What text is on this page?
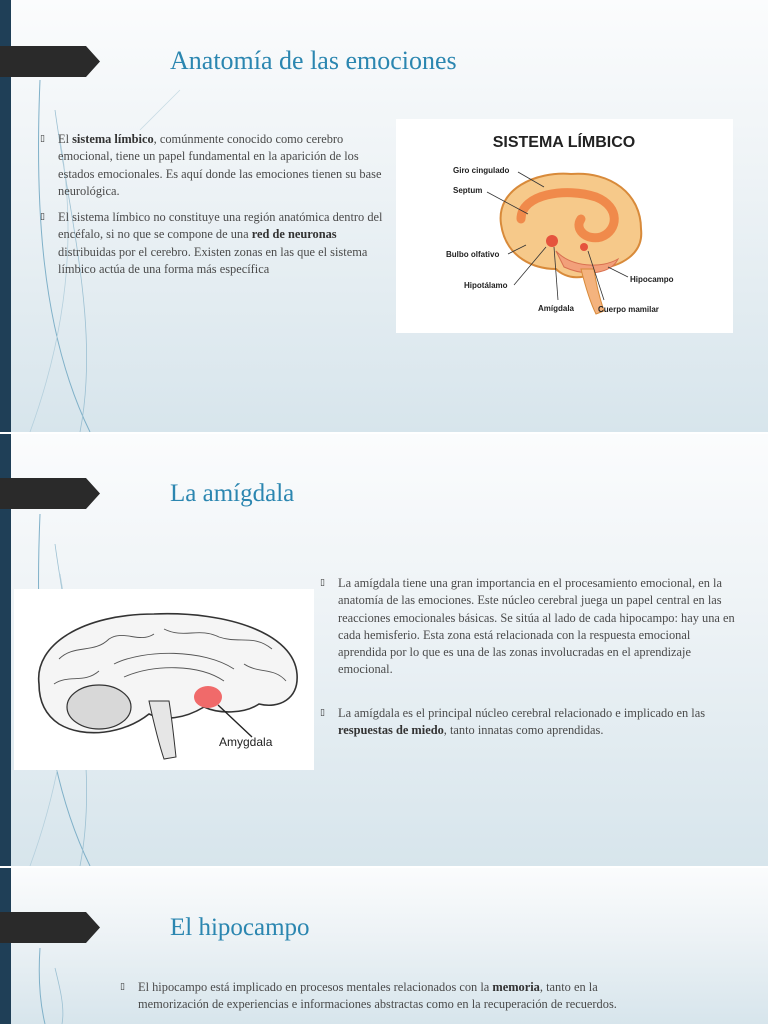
Anatomía de las emociones
▯ El sistema límbico, comúnmente conocido como cerebro emocional, tiene un papel fundamental en la aparición de los estados emocionales. Es aquí donde las emociones tienen su base neurológica.
▯ El sistema límbico no constituye una región anatómica dentro del encéfalo, si no que se compone de una red de neuronas distribuidas por el cerebro. Existen zonas en las que el sistema límbico actúa de una forma más específica
SISTEMA LÍMBICO
Giro cingulado
Septum
Bulbo olfativo
Hipotálamo
Amígdala
Hipocampo
Cuerpo mamilar
La amígdala
Amygdala
▯ La amígdala tiene una gran importancia en el procesamiento emocional, en la anatomía de las emociones. Este núcleo cerebral juega un papel central en las reacciones emocionales básicas. Se sitúa al lado de cada hipocampo: hay una en cada hemisferio. Esta zona está relacionada con la respuesta emocional aprendida por lo que es una de las zonas involucradas en el aprendizaje emocional.
▯ La amígdala es el principal núcleo cerebral relacionado e implicado en las respuestas de miedo, tanto innatas como aprendidas.
El hipocampo
▯ El hipocampo está implicado en procesos mentales relacionados con la memoria, tanto en la memorización de experiencias e informaciones abstractas como en la recuperación de recuerdos.
